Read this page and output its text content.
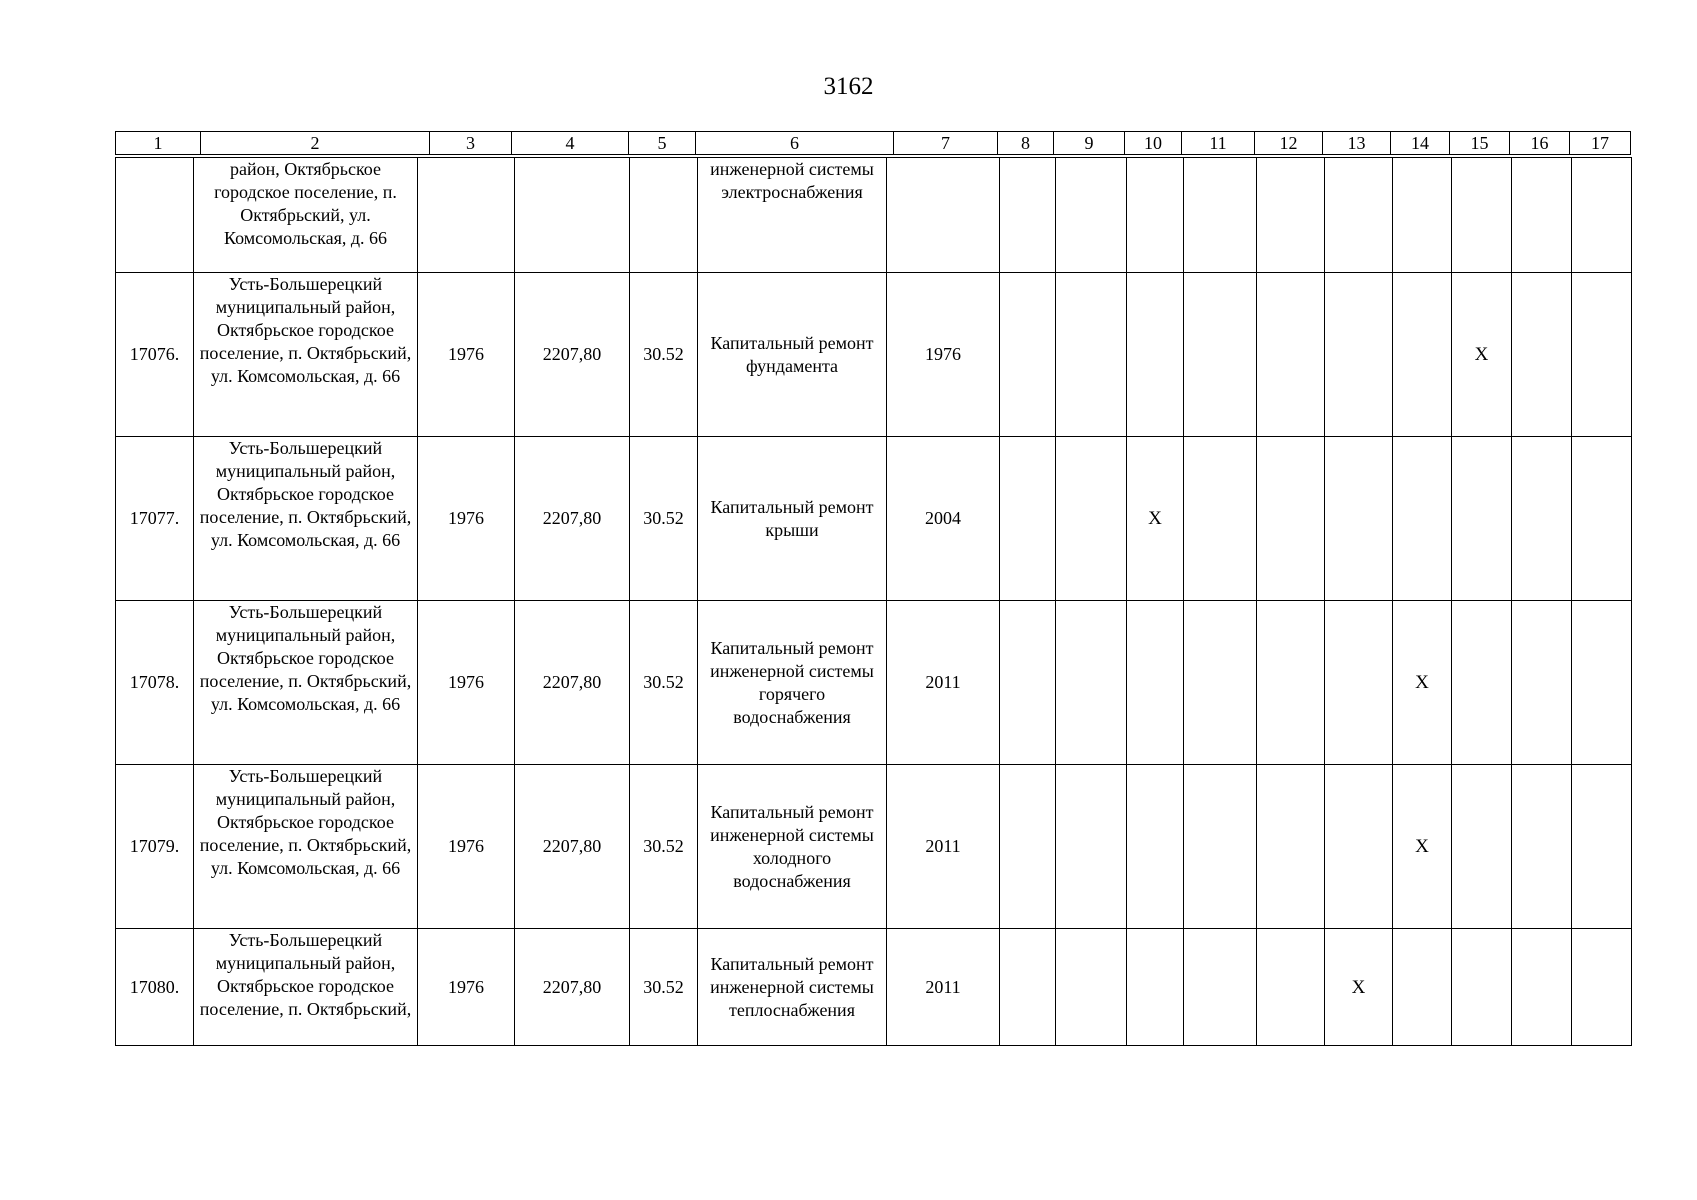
3162
1	2	3	4	5	6	7	8	9	10	11	12	13	14	15	16	17
	район, Октябрьское городское поселение, п. Октябрьский, ул. Комсомольская, д. 66				инженерной системы электроснабжения											
17076.	Усть-Большерецкий муниципальный район, Октябрьское городское поселение, п. Октябрьский, ул. Комсомольская, д. 66	1976	2207,80	30.52	Капитальный ремонт фундамента	1976								Х		
17077.	Усть-Большерецкий муниципальный район, Октябрьское городское поселение, п. Октябрьский, ул. Комсомольская, д. 66	1976	2207,80	30.52	Капитальный ремонт крыши	2004			Х							
17078.	Усть-Большерецкий муниципальный район, Октябрьское городское поселение, п. Октябрьский, ул. Комсомольская, д. 66	1976	2207,80	30.52	Капитальный ремонт инженерной системы горячего водоснабжения	2011							Х			
17079.	Усть-Большерецкий муниципальный район, Октябрьское городское поселение, п. Октябрьский, ул. Комсомольская, д. 66	1976	2207,80	30.52	Капитальный ремонт инженерной системы холодного водоснабжения	2011							Х			
17080.	Усть-Большерецкий муниципальный район, Октябрьское городское поселение, п. Октябрьский,	1976	2207,80	30.52	Капитальный ремонт инженерной системы теплоснабжения	2011						Х				
